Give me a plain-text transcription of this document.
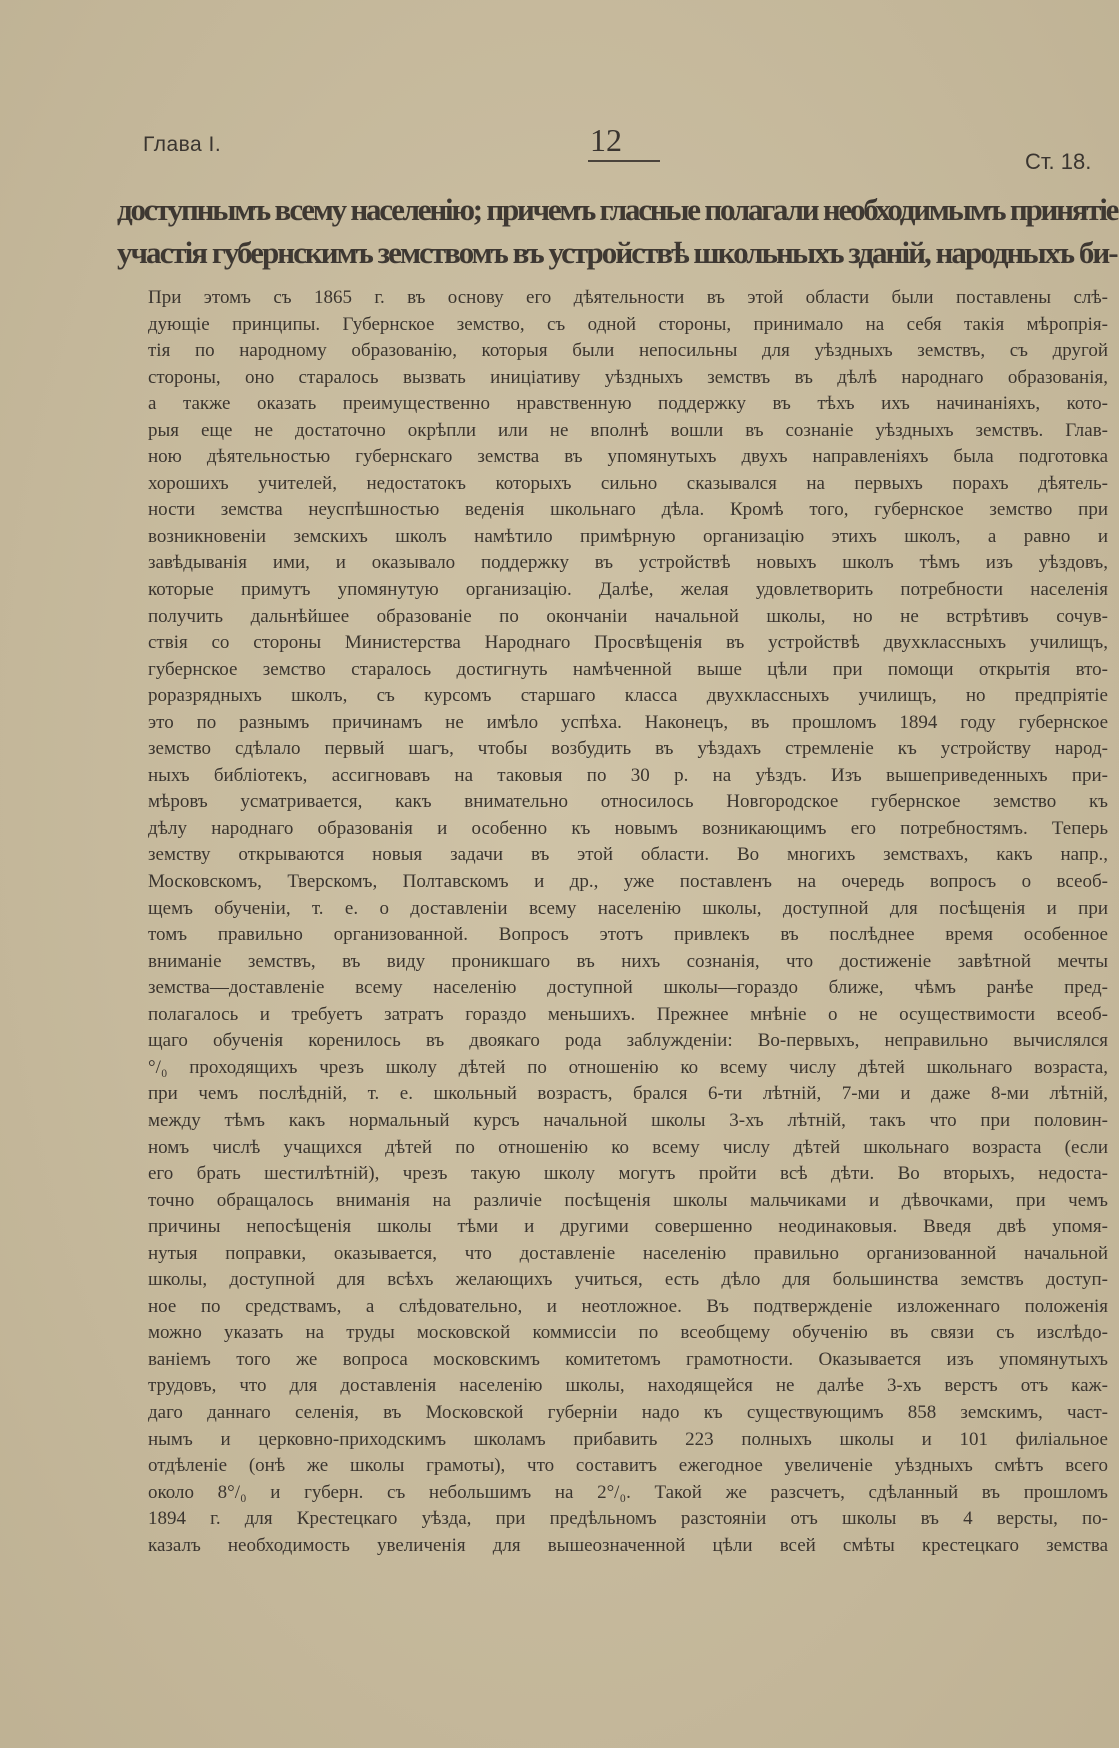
Глава I.	12
Ст. 18.
доступнымъ всему населенію; причемъ гласные полагали необходимымъ принятіе
участія губернскимъ земствомъ въ устройствѣ школьныхъ зданій, народныхъ би-
При этомъ съ 1865 г. въ основу его дѣятельности въ этой области были поставлены слѣ-
дующіе принципы. Губернское земство, съ одной стороны, принимало на себя такія мѣропрія-
тія по народному образованію, которыя были непосильны для уѣздныхъ земствъ, съ другой
стороны, оно старалось вызвать иниціативу уѣздныхъ земствъ въ дѣлѣ народнаго образованія,
а также оказать преимущественно нравственную поддержку въ тѣхъ ихъ начинаніяхъ, кото-
рыя еще не достаточно окрѣпли или не вполнѣ вошли въ сознаніе уѣздныхъ земствъ. Глав-
ною дѣятельностью губернскаго земства въ упомянутыхъ двухъ направленіяхъ была подготовка
хорошихъ учителей, недостатокъ которыхъ сильно сказывался на первыхъ порахъ дѣятель-
ности земства неуспѣшностью веденія школьнаго дѣла. Кромѣ того, губернское земство при
возникновеніи земскихъ школъ намѣтило примѣрную организацію этихъ школъ, а равно и
завѣдыванія ими, и оказывало поддержку въ устройствѣ новыхъ школъ тѣмъ изъ уѣздовъ,
которые примутъ упомянутую организацію. Далѣе, желая удовлетворить потребности населенія
получить дальнѣйшее образованіе по окончаніи начальной школы, но не встрѣтивъ сочув-
ствія со стороны Министерства Народнаго Просвѣщенія въ устройствѣ двухклассныхъ училищъ,
губернское земство старалось достигнуть намѣченной выше цѣли при помощи открытія вто-
роразрядныхъ школъ, съ курсомъ старшаго класса двухклассныхъ училищъ, но предпріятіе
это по разнымъ причинамъ не имѣло успѣха. Наконецъ, въ прошломъ 1894 году губернское
земство сдѣлало первый шагъ, чтобы возбудить въ уѣздахъ стремленіе къ устройству народ-
ныхъ библіотекъ, ассигновавъ на таковыя по 30 р. на уѣздъ. Изъ вышеприведенныхъ при-
мѣровъ усматривается, какъ внимательно относилось Новгородское губернское земство къ
дѣлу народнаго образованія и особенно къ новымъ возникающимъ его потребностямъ. Теперь
земству открываются новыя задачи въ этой области. Во многихъ земствахъ, какъ напр.,
Московскомъ, Тверскомъ, Полтавскомъ и др., уже поставленъ на очередь вопросъ о всеоб-
щемъ обученіи, т. е. о доставленіи всему населенію школы, доступной для посѣщенія и при
томъ правильно организованной. Вопросъ этотъ привлекъ въ послѣднее время особенное
вниманіе земствъ, въ виду проникшаго въ нихъ сознанія, что достиженіе завѣтной мечты
земства—доставленіе всему населенію доступной школы—гораздо ближе, чѣмъ ранѣе пред-
полагалось и требуетъ затратъ гораздо меньшихъ. Прежнее мнѣніе о не осуществимости всеоб-
щаго обученія коренилось въ двоякаго рода заблужденіи: Во-первыхъ, неправильно вычислялся
°/₀ проходящихъ чрезъ школу дѣтей по отношенію ко всему числу дѣтей школьнаго возраста,
при чемъ послѣдній, т. е. школьный возрастъ, брался 6-ти лѣтній, 7-ми и даже 8-ми лѣтній,
между тѣмъ какъ нормальный курсъ начальной школы 3-хъ лѣтній, такъ что при половин-
номъ числѣ учащихся дѣтей по отношенію ко всему числу дѣтей школьнаго возраста (если
его брать шестилѣтній), чрезъ такую школу могутъ пройти всѣ дѣти. Во вторыхъ, недоста-
точно обращалось вниманія на различіе посѣщенія школы мальчиками и дѣвочками, при чемъ
причины непосѣщенія школы тѣми и другими совершенно неодинаковыя. Введя двѣ упомя-
нутыя поправки, оказывается, что доставленіе населенію правильно организованной начальной
школы, доступной для всѣхъ желающихъ учиться, есть дѣло для большинства земствъ доступ-
ное по средствамъ, а слѣдовательно, и неотложное. Въ подтвержденіе изложеннаго положенія
можно указать на труды московской коммиссіи по всеобщему обученію въ связи съ изслѣдо-
ваніемъ того же вопроса московскимъ комитетомъ грамотности. Оказывается изъ упомянутыхъ
трудовъ, что для доставленія населенію школы, находящейся не далѣе 3-хъ верстъ отъ каж-
даго даннаго селенія, въ Московской губерніи надо къ существующимъ 858 земскимъ, част-
нымъ и церковно-приходскимъ школамъ прибавить 223 полныхъ школы и 101 филіальное
отдѣленіе (онѣ же школы грамоты), что составитъ ежегодное увеличеніе уѣздныхъ смѣтъ всего
около 8°/₀ и губерн. съ небольшимъ на 2°/₀. Такой же разсчетъ, сдѣланный въ прошломъ
1894 г. для Крестецкаго уѣзда, при предѣльномъ разстояніи отъ школы въ 4 версты, по-
казалъ необходимость увеличенія для вышеозначенной цѣли всей смѣты крестецкаго земства
